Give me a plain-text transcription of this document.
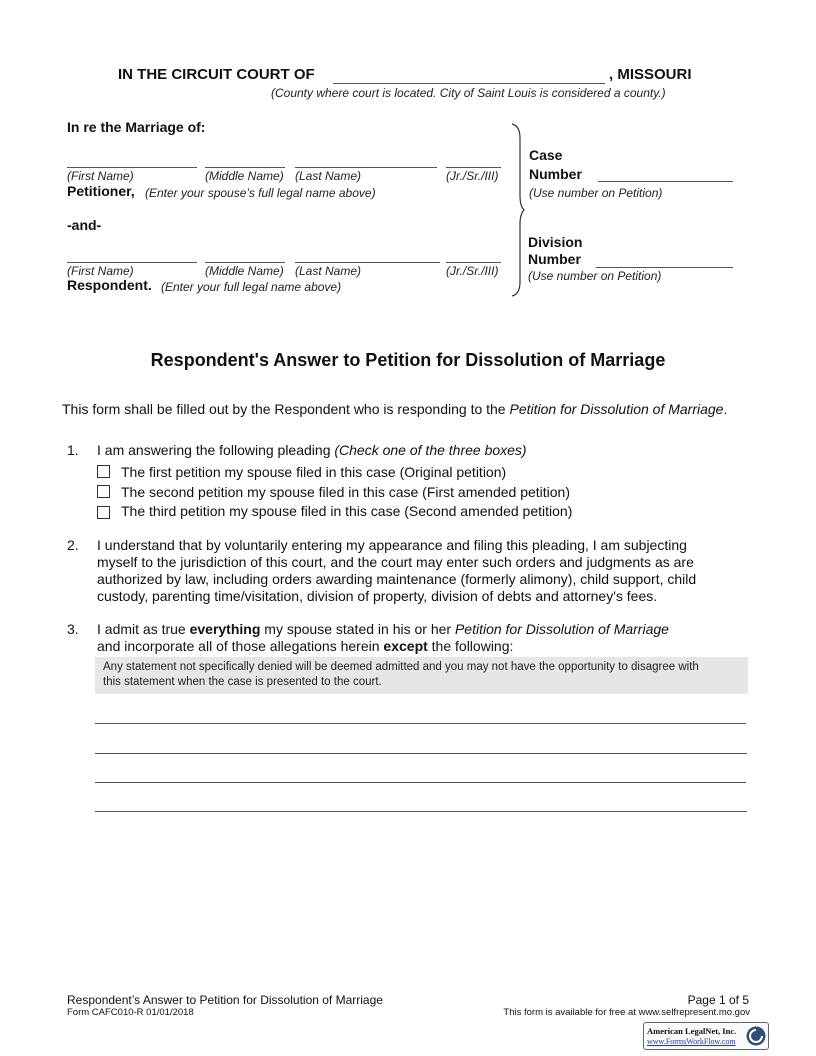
IN THE CIRCUIT COURT OF	, MISSOURI
(County where court is located. City of Saint Louis is considered a county.)
In re the Marriage of:
(First Name)	(Middle Name) (Last Name)	(Jr./Sr./III)
Petitioner, (Enter your spouse’s full legal name above)
-and-
(First Name)	(Middle Name) (Last Name)	(Jr./Sr./III)
Respondent. (Enter your full legal name above)
Case
Number
(Use number on Petition)
Division
Number
(Use number on Petition)
Respondent's Answer to Petition for Dissolution of Marriage
This form shall be filled out by the Respondent who is responding to the Petition for Dissolution of Marriage.
1. I am answering the following pleading (Check one of the three boxes)
The first petition my spouse filed in this case (Original petition)
The second petition my spouse filed in this case (First amended petition)
The third petition my spouse filed in this case (Second amended petition)
2. I understand that by voluntarily entering my appearance and filing this pleading, I am subjecting
myself to the jurisdiction of this court, and the court may enter such orders and judgments as are
authorized by law, including orders awarding maintenance (formerly alimony), child support, child
custody, parenting time/visitation, division of property, division of debts and attorney's fees.
3. I admit as true everything my spouse stated in his or her Petition for Dissolution of Marriage
and incorporate all of those allegations herein except the following:
Any statement not specifically denied will be deemed admitted and you may not have the opportunity to disagree with
this statement when the case is presented to the court.
Respondent’s Answer to Petition for Dissolution of Marriage
Form CAFC010-R 01/01/2018
Page 1 of 5
This form is available for free at www.selfrepresent.mo.gov
American LegalNet, Inc.
www.FormsWorkFlow.com
